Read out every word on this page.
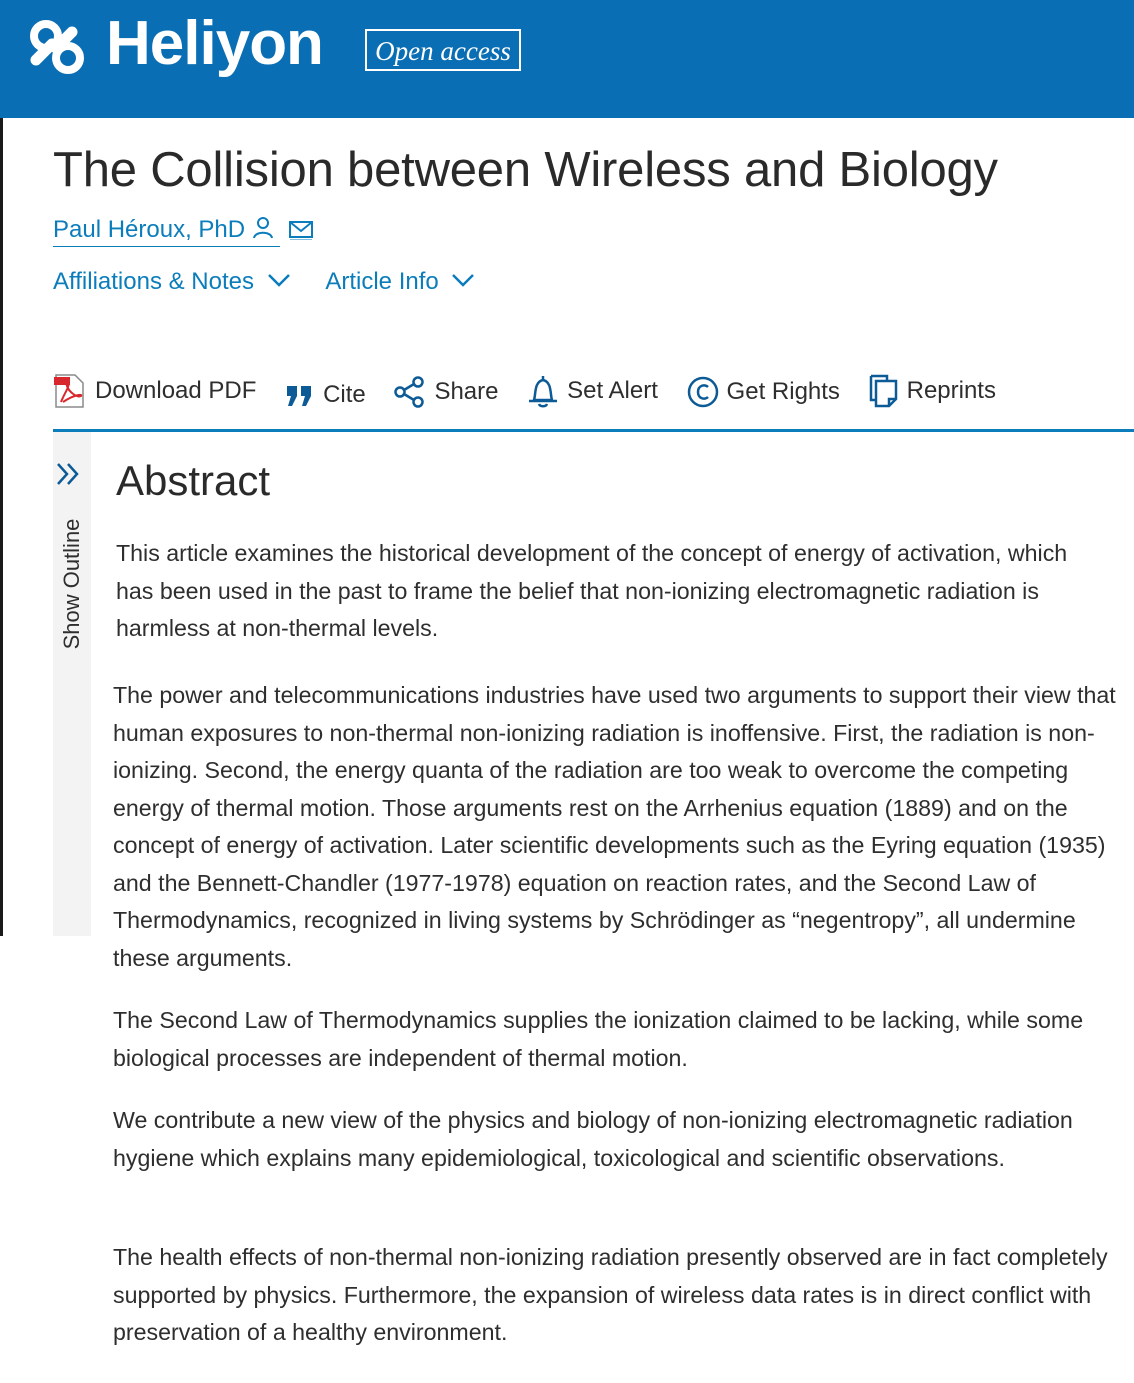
Heliyon	Open access
The Collision between Wireless and Biology
Paul Héroux, PhD
Affiliations & Notes	Article Info
Download PDF
	Cite
	Share
	Set Alert
	Get Rights
	Reprints
Show Outline
Abstract

This article examines the historical development of the concept of energy of activation, which has been used in the past to frame the belief that non-ionizing electromagnetic radiation is harmless at non-thermal levels.

The power and telecommunications industries have used two arguments to support their view that human exposures to non-thermal non-ionizing radiation is inoffensive. First, the radiation is non-ionizing. Second, the energy quanta of the radiation are too weak to overcome the competing energy of thermal motion. Those arguments rest on the Arrhenius equation (1889) and on the concept of energy of activation. Later scientific developments such as the Eyring equation (1935) and the Bennett-Chandler (1977-1978) equation on reaction rates, and the Second Law of Thermodynamics, recognized in living systems by Schrödinger as “negentropy”, all undermine these arguments.

The Second Law of Thermodynamics supplies the ionization claimed to be lacking, while some biological processes are independent of thermal motion.

We contribute a new view of the physics and biology of non-ionizing electromagnetic radiation hygiene which explains many epidemiological, toxicological and scientific observations.

The health effects of non-thermal non-ionizing radiation presently observed are in fact completely supported by physics. Furthermore, the expansion of wireless data rates is in direct conflict with preservation of a healthy environment.
